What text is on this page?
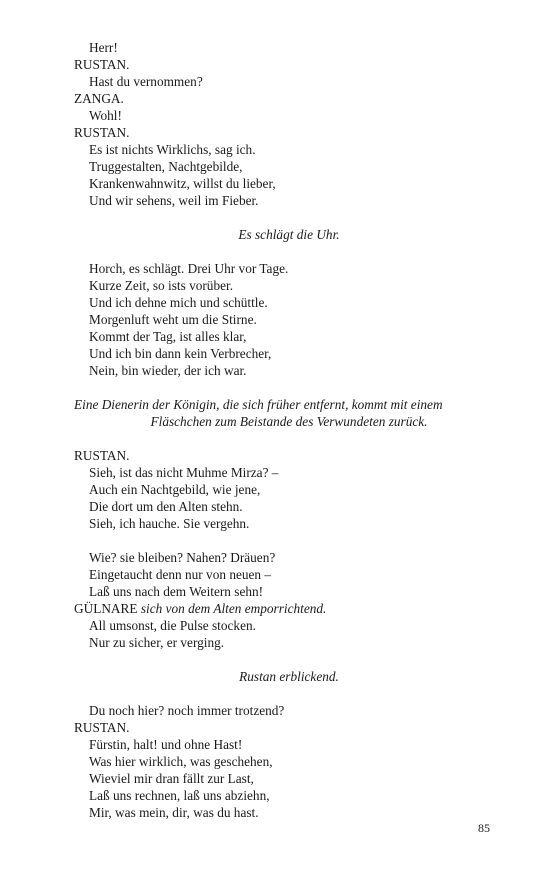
Herr!
RUSTAN.
Hast du vernommen?
ZANGA.
Wohl!
RUSTAN.
Es ist nichts Wirklichs, sag ich.
Truggestalten, Nachtgebilde,
Krankenwahnwitz, willst du lieber,
Und wir sehens, weil im Fieber.
Es schlägt die Uhr.
Horch, es schlägt. Drei Uhr vor Tage.
Kurze Zeit, so ists vorüber.
Und ich dehne mich und schüttle.
Morgenluft weht um die Stirne.
Kommt der Tag, ist alles klar,
Und ich bin dann kein Verbrecher,
Nein, bin wieder, der ich war.
Eine Dienerin der Königin, die sich früher entfernt, kommt mit einem
Fläschchen zum Beistande des Verwundeten zurück.
RUSTAN.
Sieh, ist das nicht Muhme Mirza? –
Auch ein Nachtgebild, wie jene,
Die dort um den Alten stehn.
Sieh, ich hauche. Sie vergehn.
Wie? sie bleiben? Nahen? Dräuen?
Eingetaucht denn nur von neuen –
Laß uns nach dem Weitern sehn!
GÜLNARE sich von dem Alten emporrichtend.
All umsonst, die Pulse stocken.
Nur zu sicher, er verging.
Rustan erblickend.
Du noch hier? noch immer trotzend?
RUSTAN.
Fürstin, halt! und ohne Hast!
Was hier wirklich, was geschehen,
Wieviel mir dran fällt zur Last,
Laß uns rechnen, laß uns abziehn,
Mir, was mein, dir, was du hast.
85
